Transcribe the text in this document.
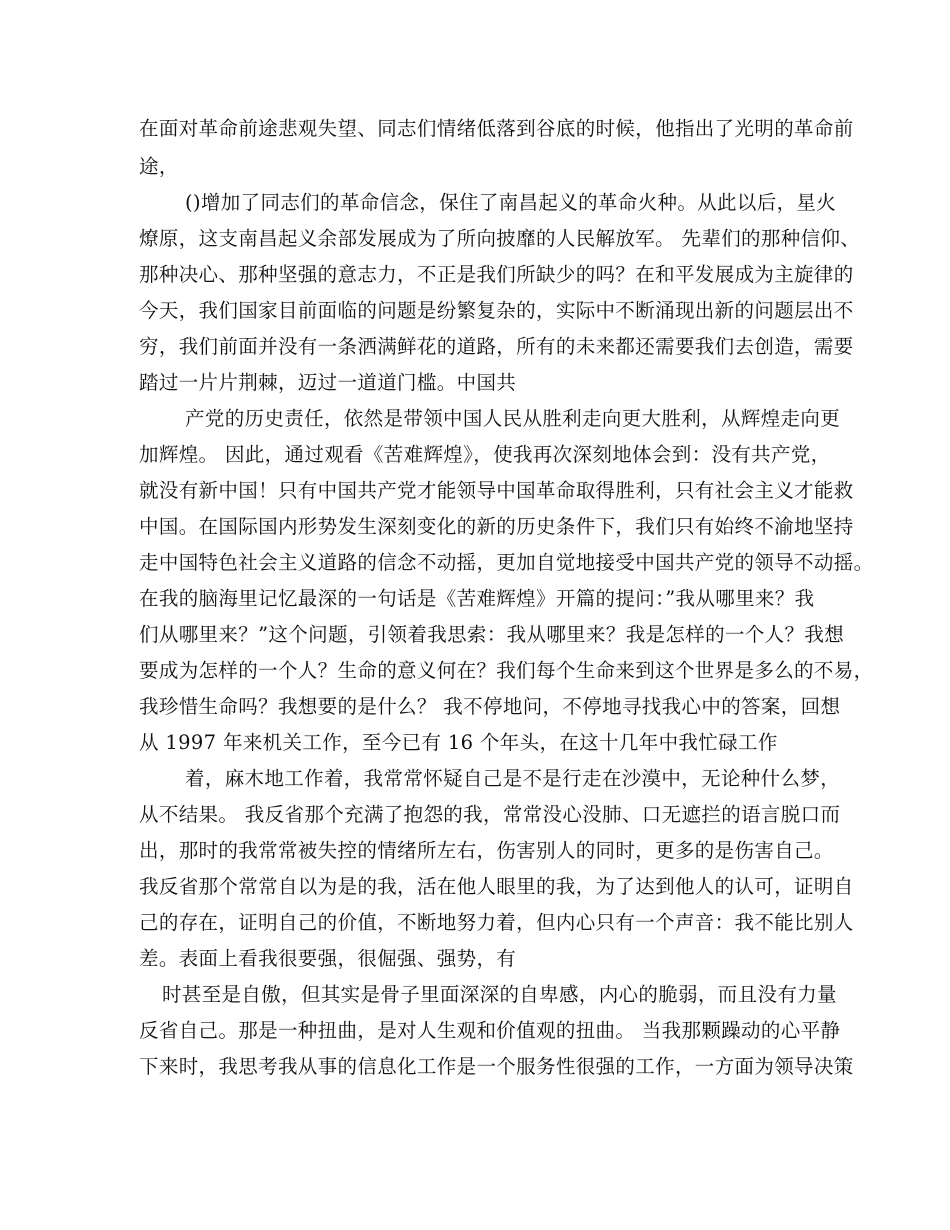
在面对革命前途悲观失望、同志们情绪低落到谷底的时候，他指出了光明的革命前
途，
()增加了同志们的革命信念，保住了南昌起义的革命火种。从此以后，星火
燎原，这支南昌起义余部发展成为了所向披靡的人民解放军。 先辈们的那种信仰、
那种决心、那种坚强的意志力，不正是我们所缺少的吗？在和平发展成为主旋律的
今天，我们国家目前面临的问题是纷繁复杂的，实际中不断涌现出新的问题层出不
穷，我们前面并没有一条洒满鲜花的道路，所有的未来都还需要我们去创造，需要
踏过一片片荆棘，迈过一道道门槛。中国共
产党的历史责任，依然是带领中国人民从胜利走向更大胜利，从辉煌走向更
加辉煌。 因此，通过观看《苦难辉煌》，使我再次深刻地体会到：没有共产党，
就没有新中国！只有中国共产党才能领导中国革命取得胜利，只有社会主义才能救
中国。在国际国内形势发生深刻变化的新的历史条件下，我们只有始终不渝地坚持
走中国特色社会主义道路的信念不动摇，更加自觉地接受中国共产党的领导不动摇。
在我的脑海里记忆最深的一句话是《苦难辉煌》开篇的提问：”我从哪里来？我
们从哪里来？”这个问题，引领着我思索：我从哪里来？我是怎样的一个人？我想
要成为怎样的一个人？生命的意义何在？我们每个生命来到这个世界是多么的不易，
我珍惜生命吗？我想要的是什么？ 我不停地问，不停地寻找我心中的答案，回想
从 1997 年来机关工作，至今已有 16 个年头，在这十几年中我忙碌工作
着，麻木地工作着，我常常怀疑自己是不是行走在沙漠中，无论种什么梦，
从不结果。 我反省那个充满了抱怨的我，常常没心没肺、口无遮拦的语言脱口而
出，那时的我常常被失控的情绪所左右，伤害别人的同时，更多的是伤害自己。
我反省那个常常自以为是的我，活在他人眼里的我，为了达到他人的认可，证明自
己的存在，证明自己的价值，不断地努力着，但内心只有一个声音：我不能比别人
差。表面上看我很要强，很倔强、强势，有
时甚至是自傲，但其实是骨子里面深深的自卑感，内心的脆弱，而且没有力量
反省自己。那是一种扭曲，是对人生观和价值观的扭曲。 当我那颗躁动的心平静
下来时，我思考我从事的信息化工作是一个服务性很强的工作，一方面为领导决策
